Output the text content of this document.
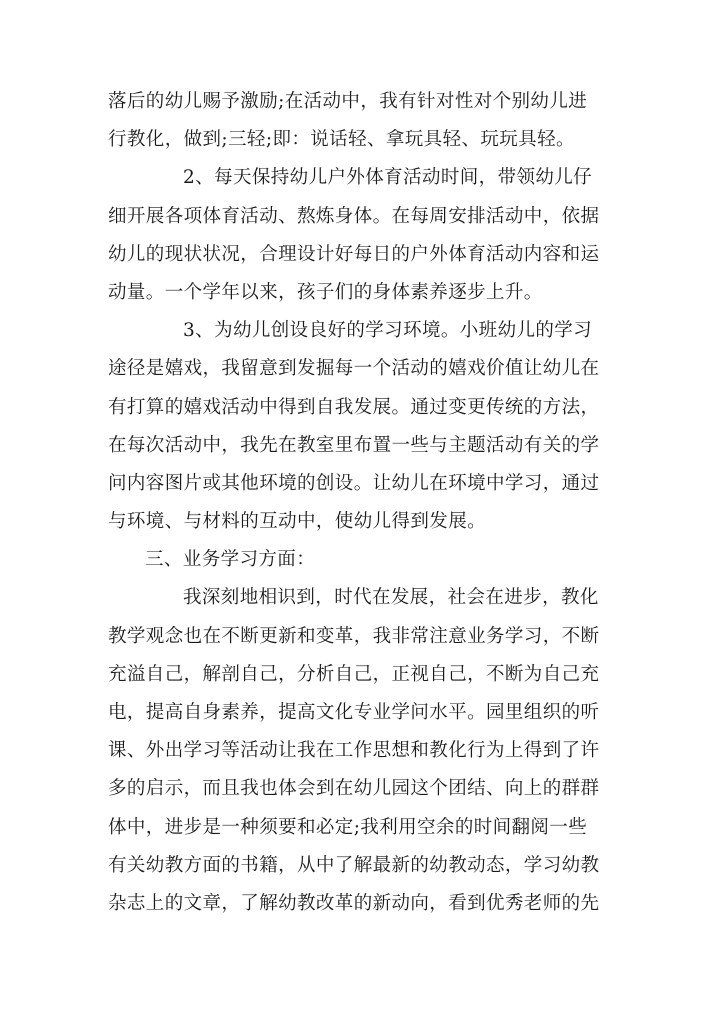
落后的幼儿赐予激励;在活动中，我有针对性对个别幼儿进
行教化，做到;三轻;即：说话轻、拿玩具轻、玩玩具轻。
2、每天保持幼儿户外体育活动时间，带领幼儿仔
细开展各项体育活动、熬炼身体。在每周安排活动中，依据
幼儿的现状状况，合理设计好每日的户外体育活动内容和运
动量。一个学年以来，孩子们的身体素养逐步上升。
3、为幼儿创设良好的学习环境。小班幼儿的学习
途径是嬉戏，我留意到发掘每一个活动的嬉戏价值让幼儿在
有打算的嬉戏活动中得到自我发展。通过变更传统的方法，
在每次活动中，我先在教室里布置一些与主题活动有关的学
问内容图片或其他环境的创设。让幼儿在环境中学习，通过
与环境、与材料的互动中，使幼儿得到发展。
三、业务学习方面：
我深刻地相识到，时代在发展，社会在进步，教化
教学观念也在不断更新和变革，我非常注意业务学习，不断
充溢自己，解剖自己，分析自己，正视自己，不断为自己充
电，提高自身素养，提高文化专业学问水平。园里组织的听
课、外出学习等活动让我在工作思想和教化行为上得到了许
多的启示，而且我也体会到在幼儿园这个团结、向上的群群
体中，进步是一种须要和必定;我利用空余的时间翻阅一些
有关幼教方面的书籍，从中了解最新的幼教动态，学习幼教
杂志上的文章，了解幼教改革的新动向，看到优秀老师的先
